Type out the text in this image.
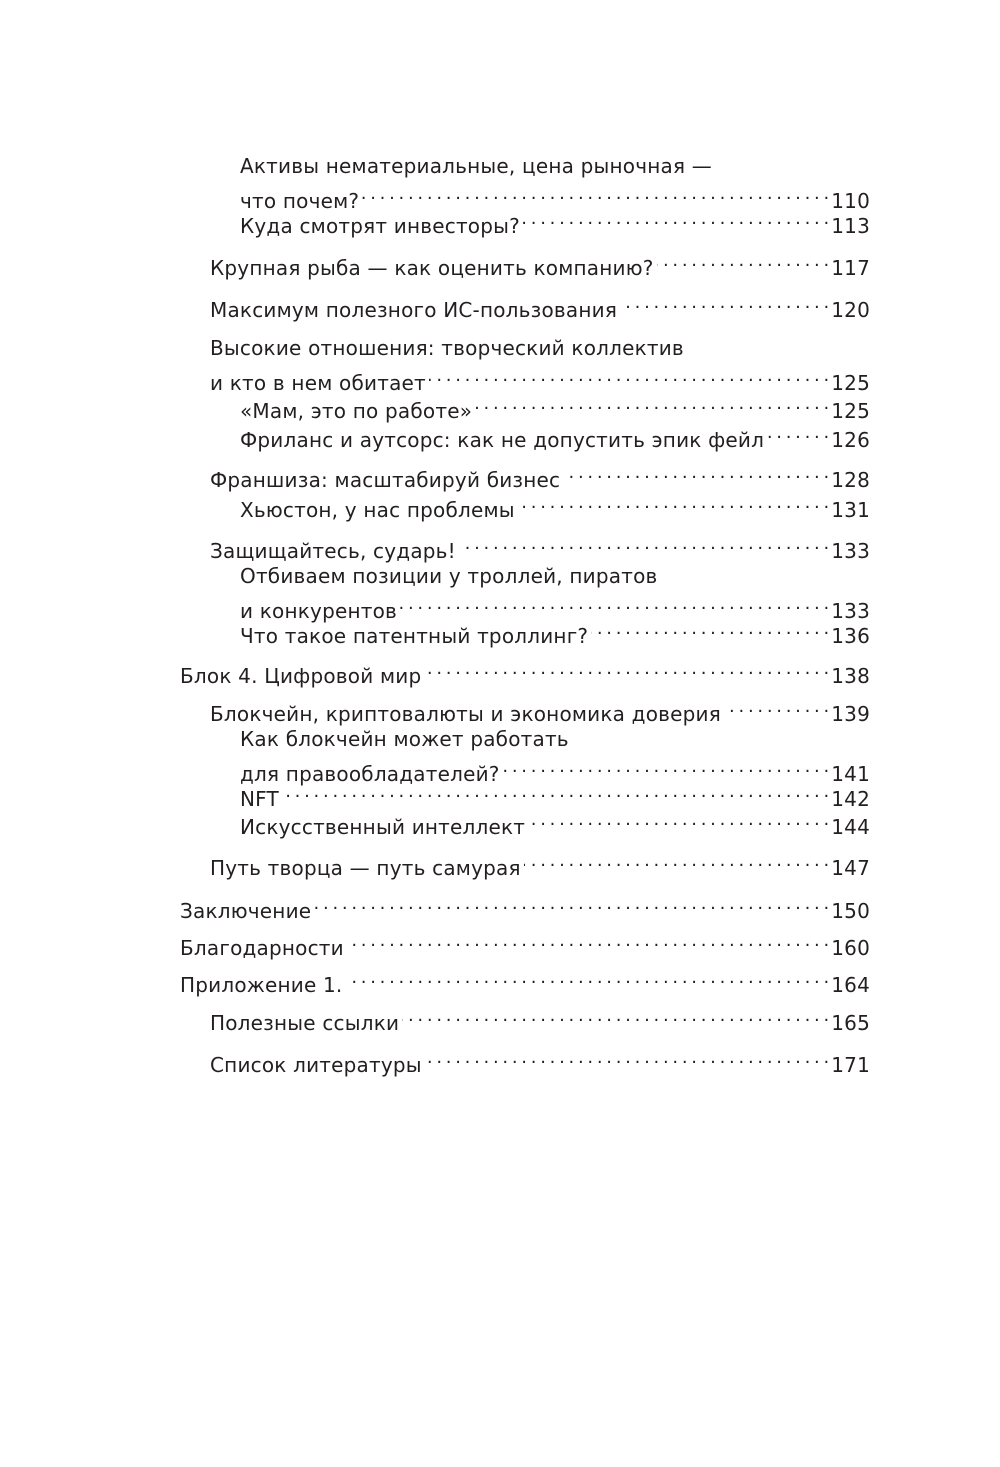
Активы нематериальные, цена рыночная —
что почем? . . .	110
Куда смотрят инвесторы? . . .	113
Крупная рыба — как оценить компанию? . . .	117
Максимум полезного ИС-пользования . . .	120
Высокие отношения: творческий коллектив
и кто в нем обитает . . .	125
«Мам, это по работе» . . .	125
Фриланс и аутсорс: как не допустить эпик фейл . . .	126
Франшиза: масштабируй бизнес . . .	128
Хьюстон, у нас проблемы . . .	131
Защищайтесь, сударь! . . .	133
Отбиваем позиции у троллей, пиратов
и конкурентов . . .	133
Что такое патентный троллинг? . . .	136
Блок 4. Цифровой мир . . .	138
Блокчейн, криптовалюты и экономика доверия . . .	139
Как блокчейн может работать
для правообладателей? . . .	141
NFT . . .	142
Искусственный интеллект . . .	144
Путь творца — путь самурая . . .	147
Заключение . . .	150
Благодарности . . .	160
Приложение 1. . . .	164
Полезные ссылки . . .	165
Список литературы . . .	171
